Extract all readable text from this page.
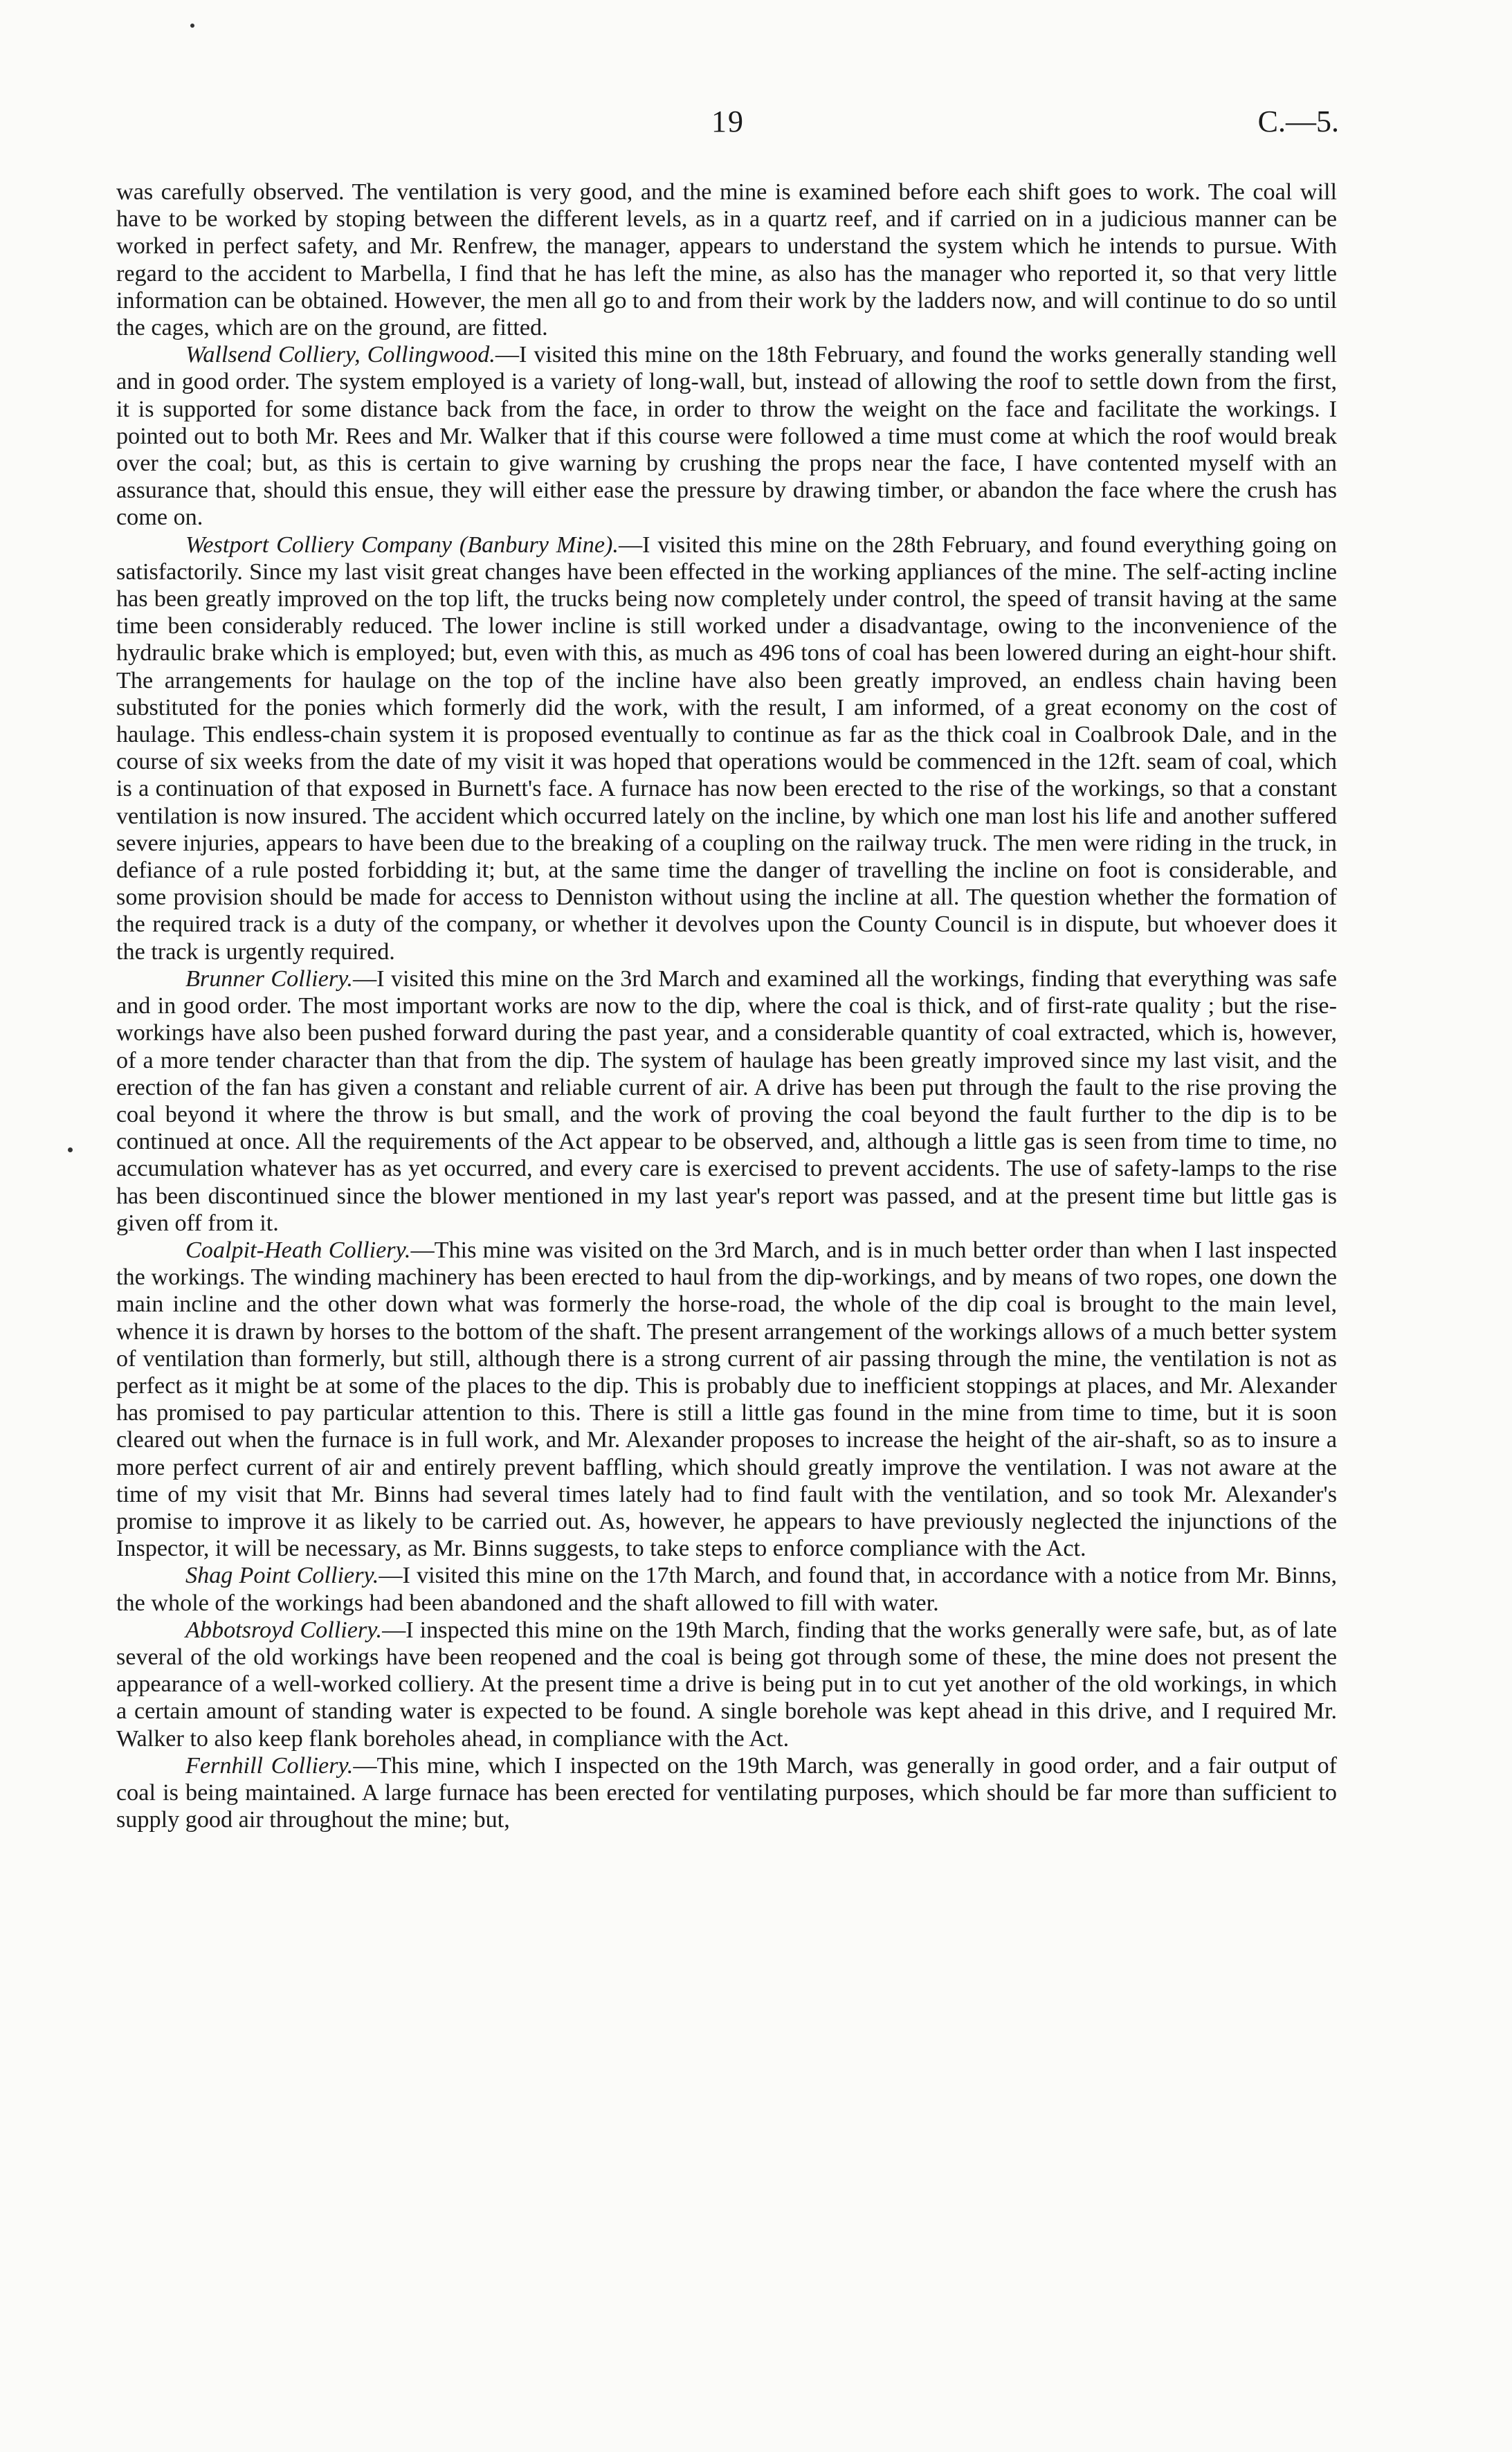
19	C.—5.

was carefully observed. The ventilation is very good, and the mine is examined before each shift goes to work. The coal will have to be worked by stoping between the different levels, as in a quartz reef, and if carried on in a judicious manner can be worked in perfect safety, and Mr. Renfrew, the manager, appears to understand the system which he intends to pursue. With regard to the accident to Marbella, I find that he has left the mine, as also has the manager who reported it, so that very little information can be obtained. However, the men all go to and from their work by the ladders now, and will continue to do so until the cages, which are on the ground, are fitted.

Wallsend Colliery, Collingwood.—I visited this mine on the 18th February, and found the works generally standing well and in good order. The system employed is a variety of long-wall, but, instead of allowing the roof to settle down from the first, it is supported for some distance back from the face, in order to throw the weight on the face and facilitate the workings. I pointed out to both Mr. Rees and Mr. Walker that if this course were followed a time must come at which the roof would break over the coal; but, as this is certain to give warning by crushing the props near the face, I have contented myself with an assurance that, should this ensue, they will either ease the pressure by drawing timber, or abandon the face where the crush has come on.

Westport Colliery Company (Banbury Mine).—I visited this mine on the 28th February, and found everything going on satisfactorily. Since my last visit great changes have been effected in the working appliances of the mine. The self-acting incline has been greatly improved on the top lift, the trucks being now completely under control, the speed of transit having at the same time been considerably reduced. The lower incline is still worked under a disadvantage, owing to the inconvenience of the hydraulic brake which is employed; but, even with this, as much as 496 tons of coal has been lowered during an eight-hour shift. The arrangements for haulage on the top of the incline have also been greatly improved, an endless chain having been substituted for the ponies which formerly did the work, with the result, I am informed, of a great economy on the cost of haulage. This endless-chain system it is proposed eventually to continue as far as the thick coal in Coalbrook Dale, and in the course of six weeks from the date of my visit it was hoped that operations would be commenced in the 12ft. seam of coal, which is a continuation of that exposed in Burnett's face. A furnace has now been erected to the rise of the workings, so that a constant ventilation is now insured. The accident which occurred lately on the incline, by which one man lost his life and another suffered severe injuries, appears to have been due to the breaking of a coupling on the railway truck. The men were riding in the truck, in defiance of a rule posted forbidding it; but, at the same time the danger of travelling the incline on foot is considerable, and some provision should be made for access to Denniston without using the incline at all. The question whether the formation of the required track is a duty of the company, or whether it devolves upon the County Council is in dispute, but whoever does it the track is urgently required.

Brunner Colliery.—I visited this mine on the 3rd March and examined all the workings, finding that everything was safe and in good order. The most important works are now to the dip, where the coal is thick, and of first-rate quality ; but the rise-workings have also been pushed forward during the past year, and a considerable quantity of coal extracted, which is, however, of a more tender character than that from the dip. The system of haulage has been greatly improved since my last visit, and the erection of the fan has given a constant and reliable current of air. A drive has been put through the fault to the rise proving the coal beyond it where the throw is but small, and the work of proving the coal beyond the fault further to the dip is to be continued at once. All the requirements of the Act appear to be observed, and, although a little gas is seen from time to time, no accumulation whatever has as yet occurred, and every care is exercised to prevent accidents. The use of safety-lamps to the rise has been discontinued since the blower mentioned in my last year's report was passed, and at the present time but little gas is given off from it.

Coalpit-Heath Colliery.—This mine was visited on the 3rd March, and is in much better order than when I last inspected the workings. The winding machinery has been erected to haul from the dip-workings, and by means of two ropes, one down the main incline and the other down what was formerly the horse-road, the whole of the dip coal is brought to the main level, whence it is drawn by horses to the bottom of the shaft. The present arrangement of the workings allows of a much better system of ventilation than formerly, but still, although there is a strong current of air passing through the mine, the ventilation is not as perfect as it might be at some of the places to the dip. This is probably due to inefficient stoppings at places, and Mr. Alexander has promised to pay particular attention to this. There is still a little gas found in the mine from time to time, but it is soon cleared out when the furnace is in full work, and Mr. Alexander proposes to increase the height of the air-shaft, so as to insure a more perfect current of air and entirely prevent baffling, which should greatly improve the ventilation. I was not aware at the time of my visit that Mr. Binns had several times lately had to find fault with the ventilation, and so took Mr. Alexander's promise to improve it as likely to be carried out. As, however, he appears to have previously neglected the injunctions of the Inspector, it will be necessary, as Mr. Binns suggests, to take steps to enforce compliance with the Act.

Shag Point Colliery.—I visited this mine on the 17th March, and found that, in accordance with a notice from Mr. Binns, the whole of the workings had been abandoned and the shaft allowed to fill with water.

Abbotsroyd Colliery.—I inspected this mine on the 19th March, finding that the works generally were safe, but, as of late several of the old workings have been reopened and the coal is being got through some of these, the mine does not present the appearance of a well-worked colliery. At the present time a drive is being put in to cut yet another of the old workings, in which a certain amount of standing water is expected to be found. A single borehole was kept ahead in this drive, and I required Mr. Walker to also keep flank boreholes ahead, in compliance with the Act.

Fernhill Colliery.—This mine, which I inspected on the 19th March, was generally in good order, and a fair output of coal is being maintained. A large furnace has been erected for ventilating purposes, which should be far more than sufficient to supply good air throughout the mine; but,
